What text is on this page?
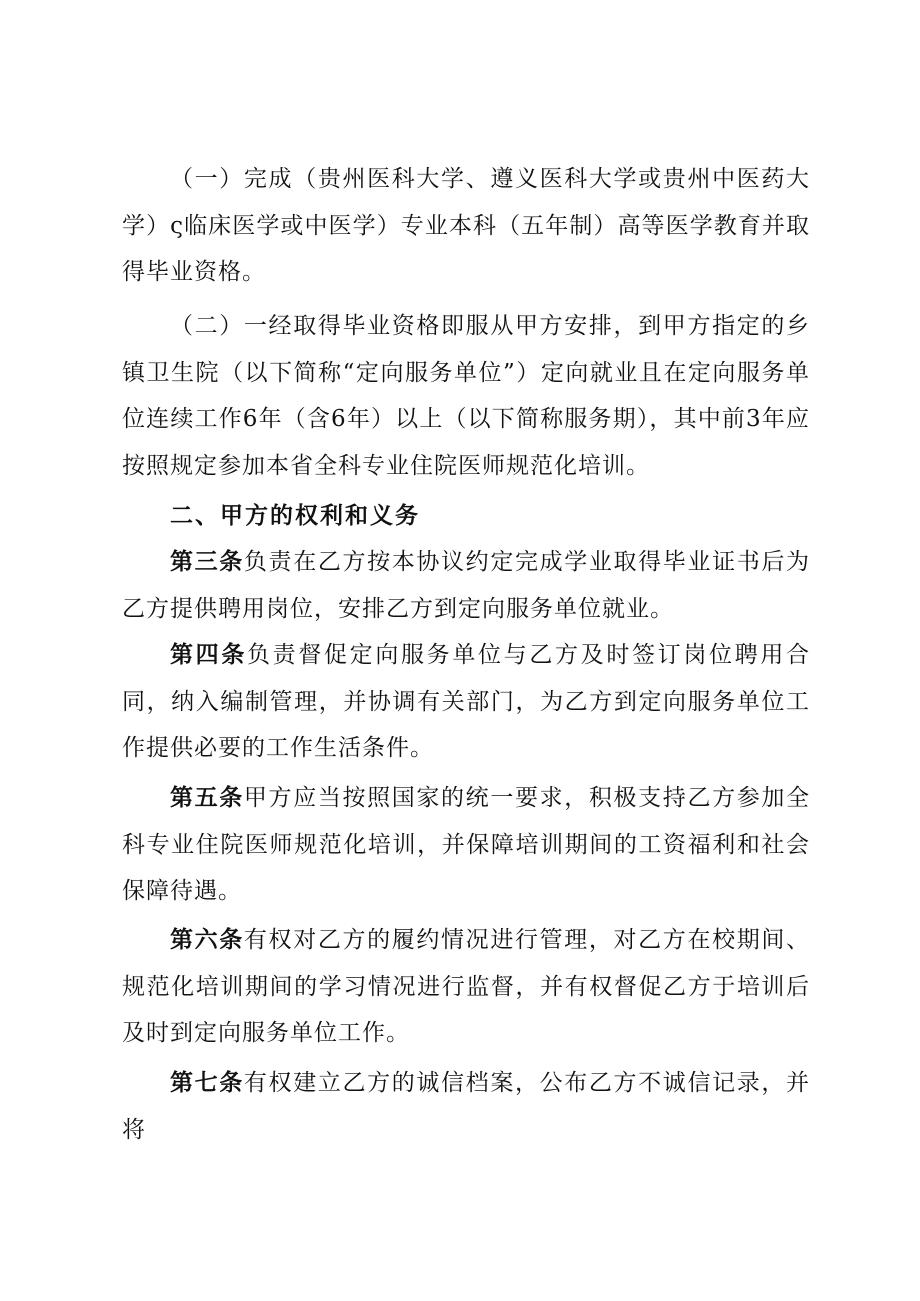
（一）完成（贵州医科大学、遵义医科大学或贵州中医药大学）ς临床医学或中医学）专业本科（五年制）高等医学教育并取得毕业资格。

（二）一经取得毕业资格即服从甲方安排，到甲方指定的乡镇卫生院（以下简称“定向服务单位”）定向就业且在定向服务单位连续工作6年（含6年）以上（以下简称服务期），其中前3年应按照规定参加本省全科专业住院医师规范化培训。

二、甲方的权利和义务

第三条负责在乙方按本协议约定完成学业取得毕业证书后为乙方提供聘用岗位，安排乙方到定向服务单位就业。

第四条负责督促定向服务单位与乙方及时签订岗位聘用合同，纳入编制管理，并协调有关部门，为乙方到定向服务单位工作提供必要的工作生活条件。

第五条甲方应当按照国家的统一要求，积极支持乙方参加全科专业住院医师规范化培训，并保障培训期间的工资福利和社会保障待遇。

第六条有权对乙方的履约情况进行管理，对乙方在校期间、规范化培训期间的学习情况进行监督，并有权督促乙方于培训后及时到定向服务单位工作。

第七条有权建立乙方的诚信档案，公布乙方不诚信记录，并将
